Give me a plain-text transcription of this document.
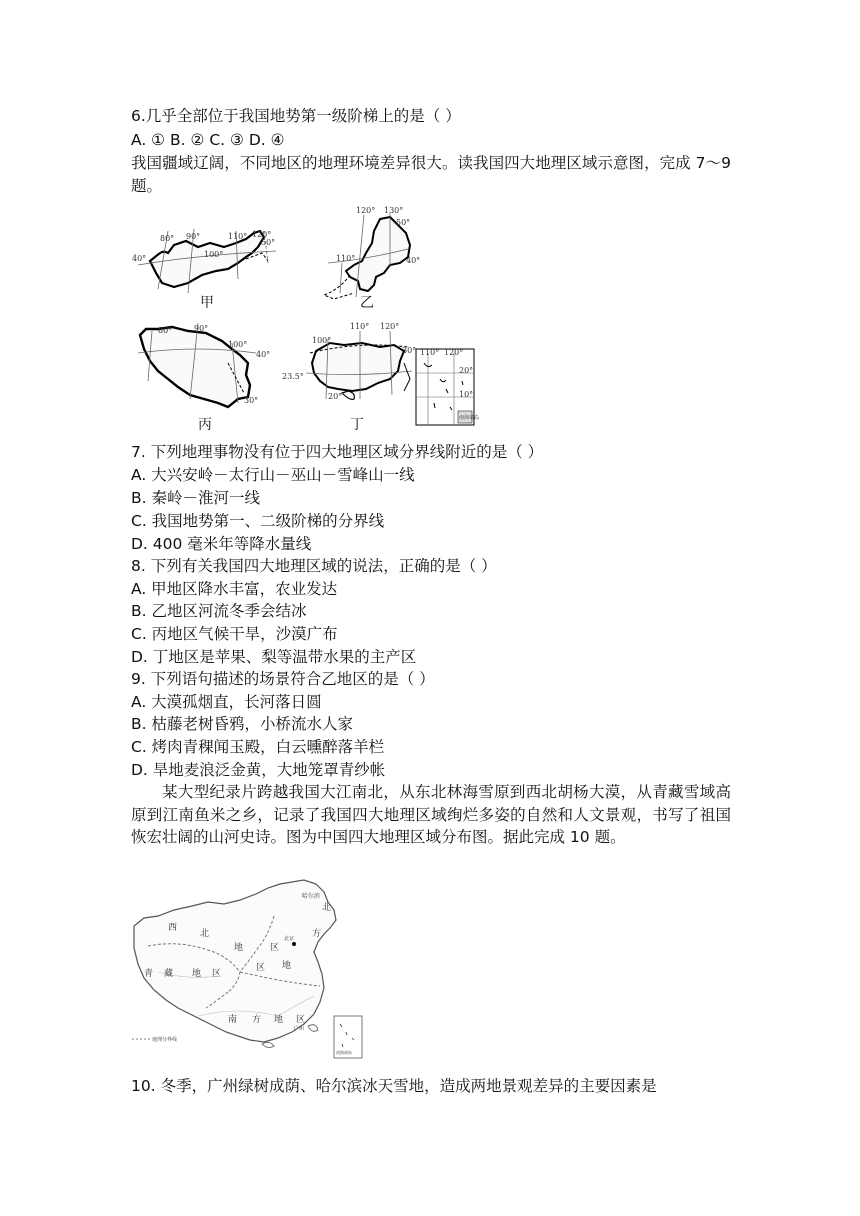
6.几乎全部位于我国地势第一级阶梯上的是（ ）
A. ① B. ② C. ③ D. ④
我国疆域辽阔，不同地区的地理环境差异很大。读我国四大地理区域示意图，完成 7～9 题。
80° 90°
100°
110° 120°
50°
40°
甲
120° 130°
50°
110°	40°
乙
80°	90°
100°
40°
30°
丙
110° 120°
100°
30°
23.5°
20°
110° 120°
20°
10°
南海诸岛
丁
7. 下列地理事物没有位于四大地理区域分界线附近的是（ ）
A. 大兴安岭－太行山－巫山－雪峰山一线
B. 秦岭－淮河一线
C. 我国地势第一、二级阶梯的分界线
D. 400 毫米年等降水量线
8. 下列有关我国四大地理区域的说法，正确的是（ ）
A. 甲地区降水丰富，农业发达
B. 乙地区河流冬季会结冰
C. 丙地区气候干旱，沙漠广布
D. 丁地区是苹果、梨等温带水果的主产区
9. 下列语句描述的场景符合乙地区的是（ ）
A. 大漠孤烟直，长河落日圆
B. 枯藤老树昏鸦，小桥流水人家
C. 烤肉青稞闻玉殿，白云曛醉落羊栏
D. 旱地麦浪泛金黄，大地笼罩青纱帐
某大型纪录片跨越我国大江南北，从东北林海雪原到西北胡杨大漠，从青藏雪域高原到江南鱼米之乡，记录了我国四大地理区域绚烂多姿的自然和人文景观，书写了祖国恢宏壮阔的山河史诗。图为中国四大地理区域分布图。据此完成 10 题。
西
北
地	区
北
方
地
区
青 藏 地 区
南 方 地 区
哈尔滨
北京
广州
地理分界线
南海诸岛
10. 冬季，广州绿树成荫、哈尔滨冰天雪地，造成两地景观差异的主要因素是
